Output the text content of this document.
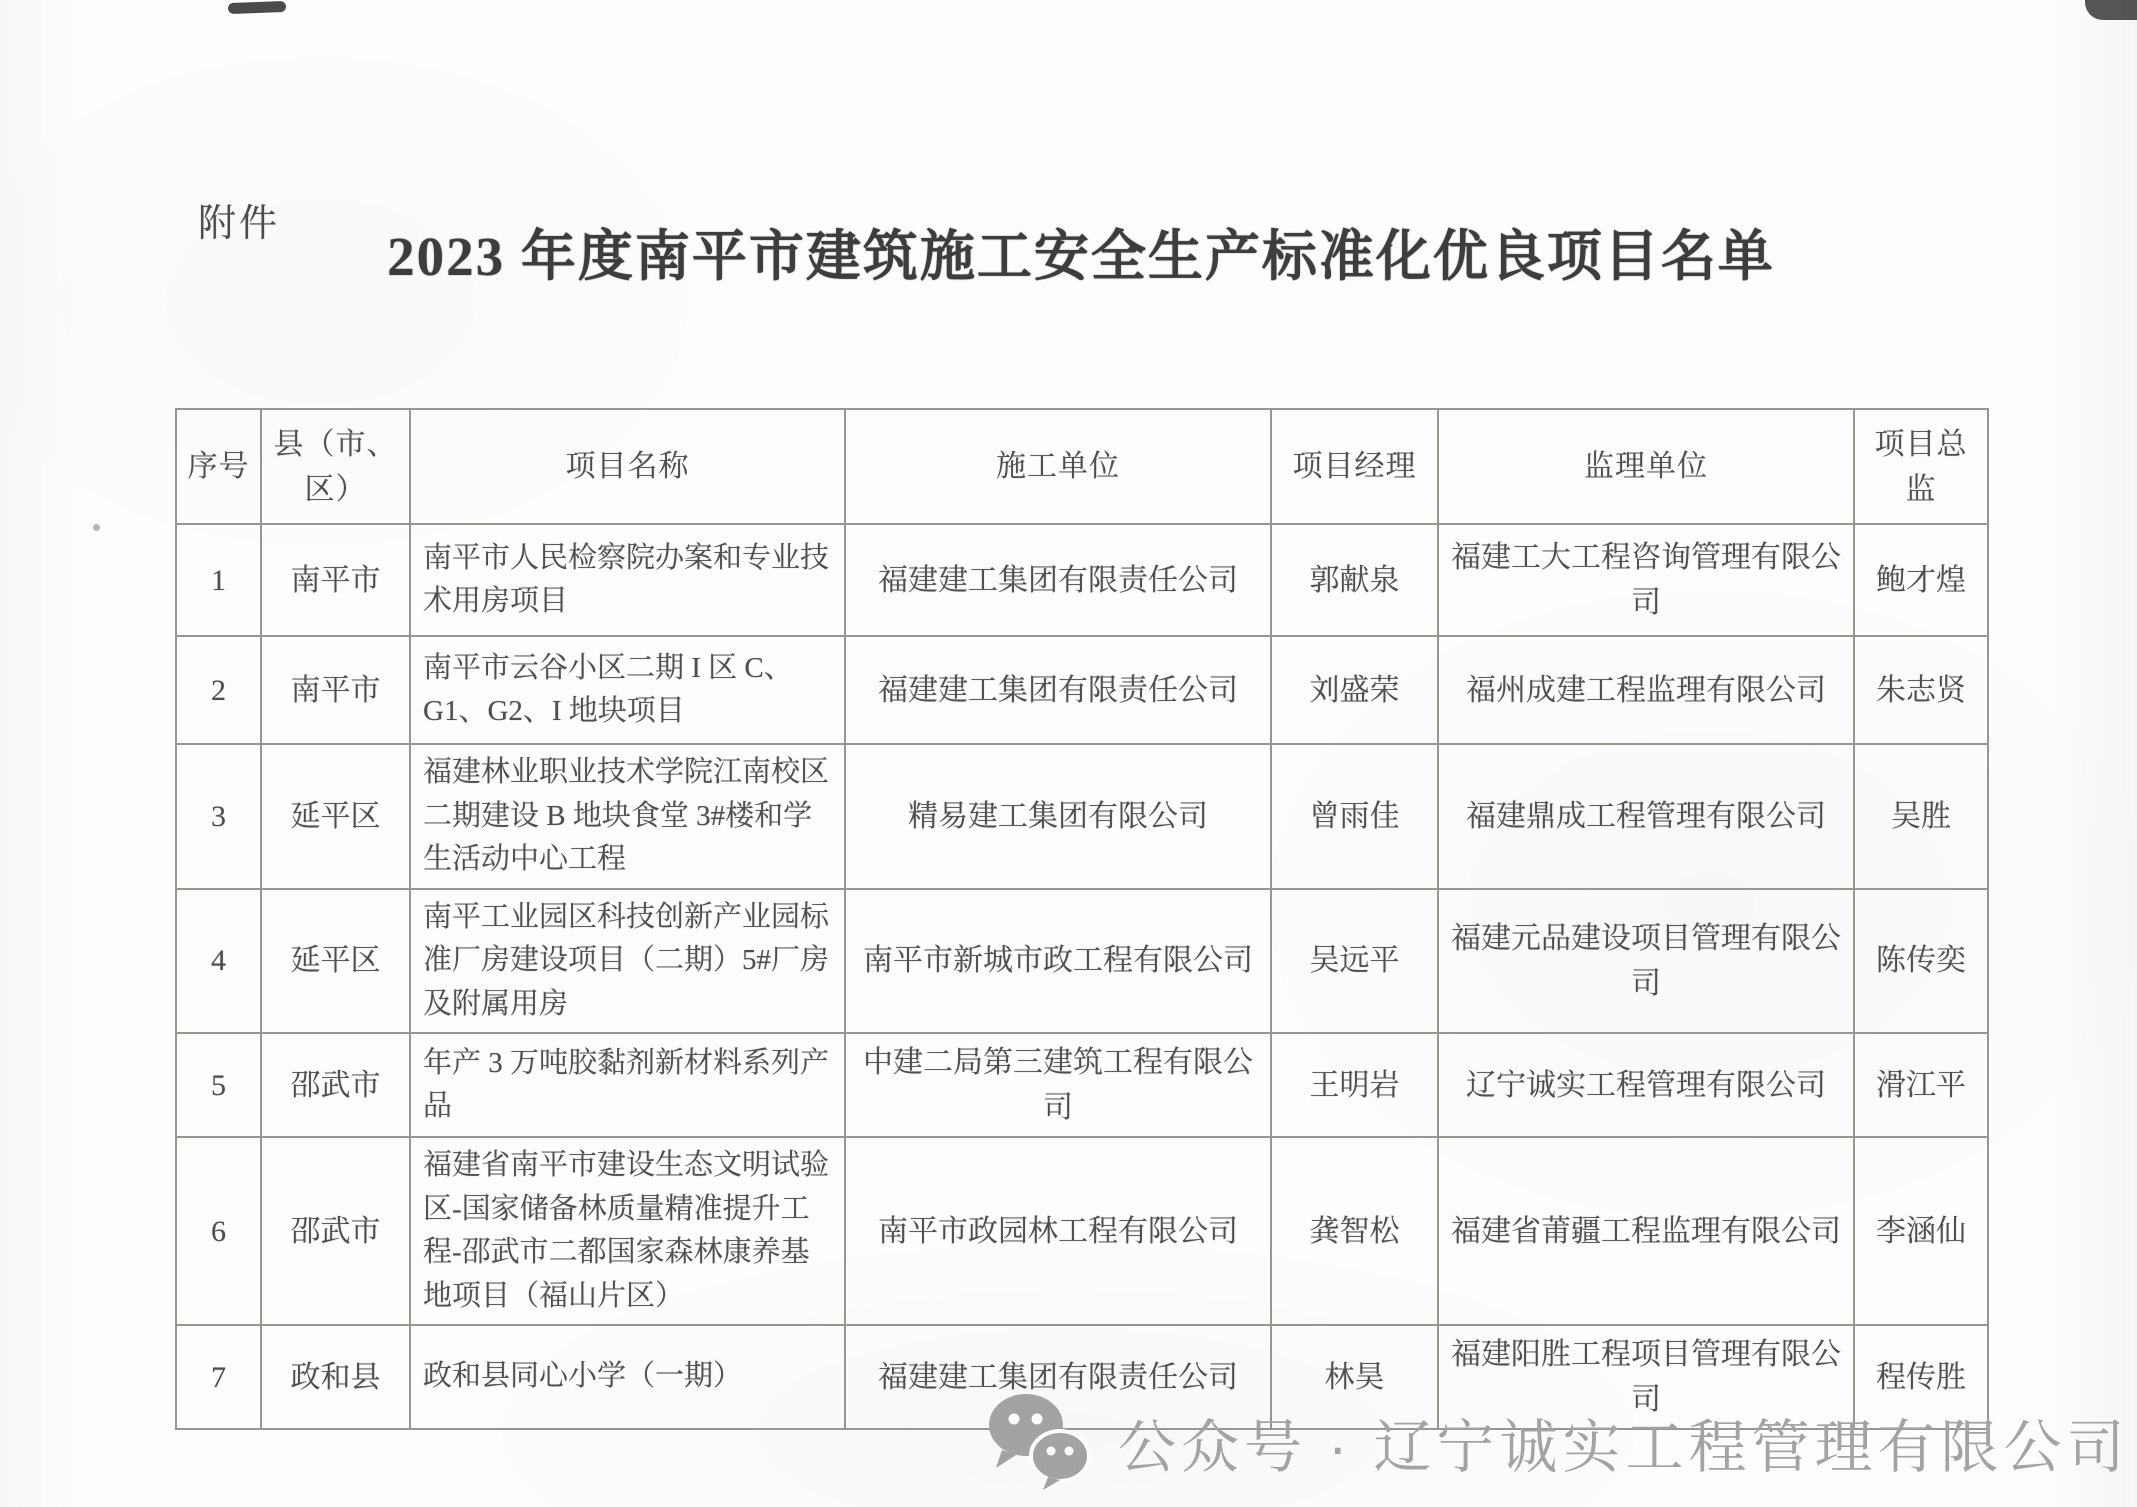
附件
2023 年度南平市建筑施工安全生产标准化优良项目名单
序号	县（市、区）	项目名称	施工单位	项目经理	监理单位	项目总监
1	南平市	南平市人民检察院办案和专业技术用房项目	福建建工集团有限责任公司	郭献泉	福建工大工程咨询管理有限公司	鲍才煌
2	南平市	南平市云谷小区二期 I 区 C、G1、G2、I 地块项目	福建建工集团有限责任公司	刘盛荣	福州成建工程监理有限公司	朱志贤
3	延平区	福建林业职业技术学院江南校区二期建设 B 地块食堂 3#楼和学生活动中心工程	精易建工集团有限公司	曾雨佳	福建鼎成工程管理有限公司	吴胜
4	延平区	南平工业园区科技创新产业园标准厂房建设项目（二期）5#厂房及附属用房	南平市新城市政工程有限公司	吴远平	福建元品建设项目管理有限公司	陈传奕
5	邵武市	年产 3 万吨胶黏剂新材料系列产品	中建二局第三建筑工程有限公司	王明岩	辽宁诚实工程管理有限公司	滑江平
6	邵武市	福建省南平市建设生态文明试验区-国家储备林质量精准提升工程-邵武市二都国家森林康养基地项目（福山片区）	南平市政园林工程有限公司	龚智松	福建省莆疆工程监理有限公司	李涵仙
7	政和县	政和县同心小学（一期）	福建建工集团有限责任公司	林昊	福建阳胜工程项目管理有限公司	程传胜
公众号 · 辽宁诚实工程管理有限公司
